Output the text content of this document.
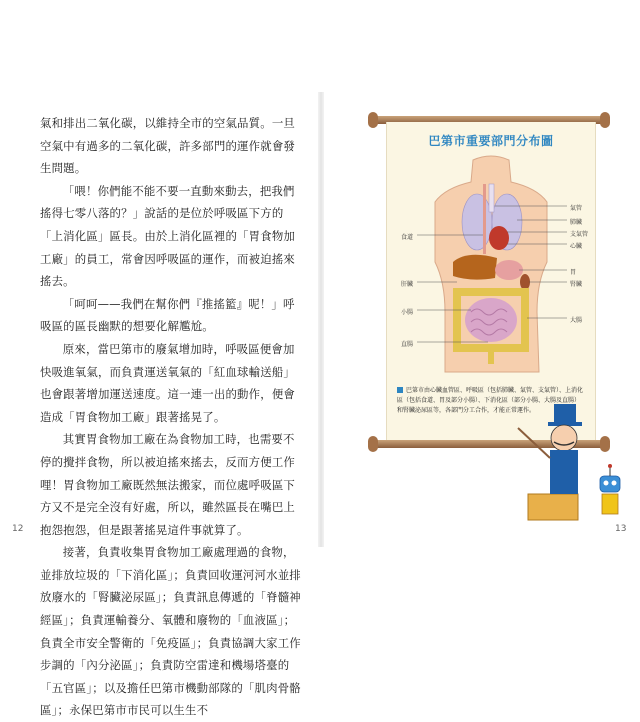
氣和排出二氧化碳，以維持全市的空氣品質。一旦空氣中有過多的二氧化碳，許多部門的運作就會發生問題。

「喂！你們能不能不要一直動來動去，把我們搖得七零八落的？」說話的是位於呼吸區下方的「上消化區」區長。由於上消化區裡的「胃食物加工廠」的員工，常會因呼吸區的運作，而被迫搖來搖去。

「呵呵——我們在幫你們『推搖籃』呢！」呼吸區的區長幽默的想要化解尷尬。

原來，當巴第市的廢氣增加時，呼吸區便會加快吸進氧氣，而負責運送氧氣的「紅血球輸送船」也會跟著增加運送速度。這一連一出的動作，便會造成「胃食物加工廠」跟著搖晃了。

其實胃食物加工廠在為食物加工時，也需要不停的攪拌食物，所以被迫搖來搖去，反而方便工作哩！胃食物加工廠既然無法搬家，而位處呼吸區下方又不是完全沒有好處，所以，雖然區長在嘴巴上抱怨抱怨，但是跟著搖晃這件事就算了。

接著，負責收集胃食物加工廠處理過的食物，並排放垃圾的「下消化區」；負責回收運河河水並排放廢水的「腎臟泌尿區」；負責訊息傳遞的「脊髓神經區」；負責運輸養分、氧體和廢物的「血液區」；負責全市安全警衛的「免疫區」；負責協調大家工作步調的「內分泌區」；負責防空雷達和機場塔臺的「五官區」；以及擔任巴第市機動部隊的「肌肉骨骼區」；永保巴第市市民可以生生不

12
巴第市重要部門分布圖
氣管
肺臟
支氣管
心臟
胃
腎臟
大腸
食道
肝臟
小腸
直腸
巴第市由心臟血管區、呼吸區（包括肺臟、氣管、支氣管）、上消化區（包括食道、胃及部分小腸）、下消化區（部分小腸、大腸及直腸）和腎臟泌尿區等，各部門分工合作，才能正常運作。
13
